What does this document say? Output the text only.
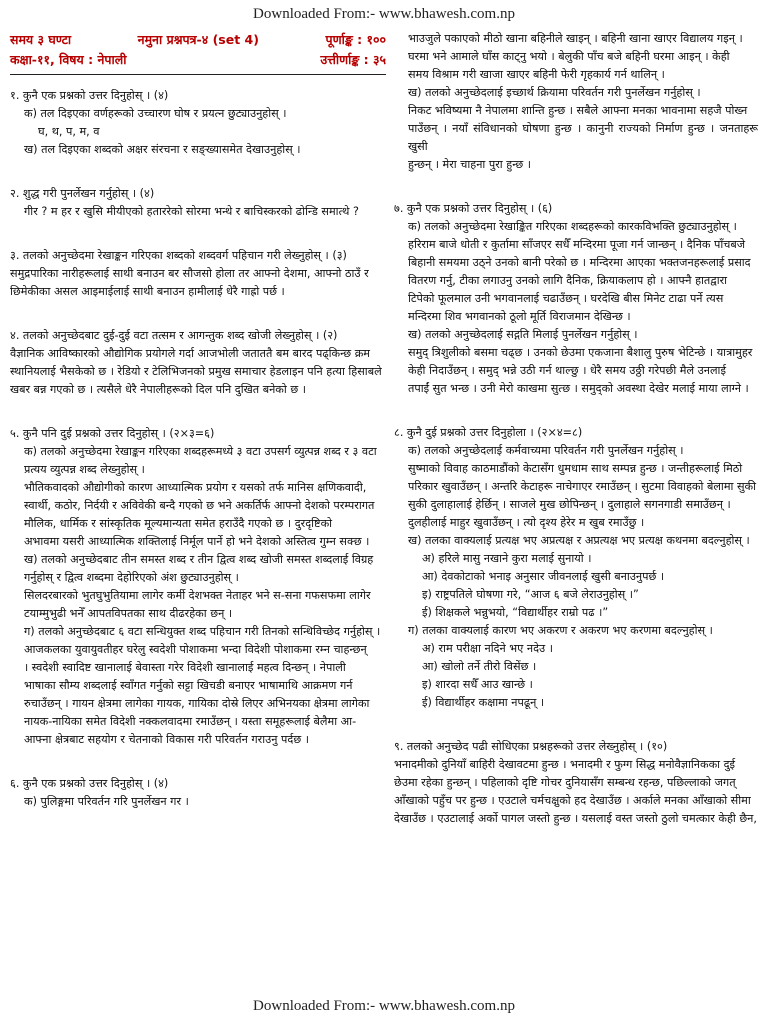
Downloaded From:- www.bhawesh.com.np
समय ३ घण्टा	नमुना प्रश्नपत्र-४ (set 4)	पूर्णाङ्क : १००
कक्षा-११, विषय : नेपाली	उत्तीर्णाङ्क : ३५

१. कुनै एक प्रश्नको उत्तर दिनुहोस् । (४)

क) तल दिइएका वर्णहरूको उच्चारण घोष र प्रयत्न छुट्याउनुहोस् ।

घ, थ, प, म, व

ख) तल दिइएका शब्दको अक्षर संरचना र सङ्ख्यासमेत देखाउनुहोस् ।

२. शुद्ध गरी पुनर्लेखन गर्नुहोस् । (४)

गीर ? म हर र खुसि मीयीएको हताररेको सोरमा भन्थे र बाचिस्करको ढोन्डि समात्थे ?

३. तलको अनुच्छेदमा रेखाङ्कन गरिएका शब्दको शब्दवर्ग पहिचान गरी लेख्नुहोस् । (३)

समुद्रपारिका नारीहरूलाई साथी बनाउन बर सौजसो होला तर आफ्नो देशमा, आफ्नो ठाउँ र

छिमेकीका असल आइमाईलाई साथी बनाउन हामीलाई धेरै गाह्रो पर्छ ।

४. तलको अनुच्छेदबाट दुई-दुई वटा तत्सम र आगन्तुक शब्द खोजी लेख्नुहोस् । (२)

वैज्ञानिक आविष्कारको औद्योगिक प्रयोगले गर्दा आजभोली जताततै बम बारद पढ्किन्छ क्रम

स्थानियलाई भैसकेको छ । रेडियो र टेलिभिजनको प्रमुख समाचार हेडलाइन पनि हत्या हिसाबले

खबर बन्न गएको छ । त्यसैले धेरै नेपालीहरूको दिल पनि दुखित बनेको छ ।

५. कुनै पनि दुई प्रश्नको उत्तर दिनुहोस् । (२×३=६)

क) तलको अनुच्छेदमा रेखाङ्कन गरिएका शब्दहरूमध्ये ३ वटा उपसर्ग व्युत्पन्न शब्द र ३ वटा प्रत्यय व्युत्पन्न शब्द लेख्नुहोस् ।

भौतिकवादको औद्योगीको कारण आध्यात्मिक प्रयोग र यसको तर्फ मानिस क्षणिकवादी,

स्वार्थी, कठोर, निर्दयी र अविवेकी बन्दै गएको छ भने अकर्तिर्फ आफ्नो देशको परम्परागत

मौलिक, धार्मिक र सांस्कृतिक मूल्यमान्यता समेत हराउँदै गएको छ । दुरदृष्टिको

अभावमा यसरी आध्यात्मिक शक्तिलाई निर्मूल पार्ने हो भने देशको अस्तित्व गुम्न सक्छ ।

ख) तलको अनुच्छेदबाट तीन समस्त शब्द र तीन द्वित्व शब्द खोजी समस्त शब्दलाई विग्रह गर्नुहोस् र द्वित्व शब्दमा देहोरिएको अंश छुट्याउनुहोस् ।

सिलदरबारको भुतघुभुतियामा लागेर कर्मी देशभक्त नेताहर भने स-सना गफसफमा लागेर

टयाम्मुभुढी भनेँ आपतविपतका साथ दीढरहेका छन् ।

ग) तलको अनुच्छेदबाट ६ वटा सन्धियुक्त शब्द पहिचान गरी तिनको सन्धिविच्छेद गर्नुहोस् ।

आजकलका युवायुवतीहर घरेलु स्वदेशी पोशाकमा भन्दा विदेशी पोशाकमा रम्न चाहन्छन्

। स्वदेशी स्वादिष्ट खानालाई बेवास्ता गरेर विदेशी खानालाई महत्व दिन्छन् । नेपाली

भाषाका सौम्य शब्दलाई स्वाँगत गर्नुको सट्टा खिचडी बनाएर भाषामाथि आक्रमण गर्न

रुचाउँछन् । गायन क्षेत्रमा लागेका गायक, गायिका दोस्रे लिएर अभिनयका क्षेत्रमा लागेका

नायक-नायिका समेत विदेशी नक्कलवादमा रमाउँछन् । यस्ता समूहरूलाई बेलैमा आ-

आफ्ना क्षेत्रबाट सहयोग र चेतनाको विकास गरी परिवर्तन गराउनु पर्दछ ।

६. कुनै एक प्रश्नको उत्तर दिनुहोस् । (४)

क) पुलिङ्गमा परिवर्तन गरि पुनर्लेखन गर ।

भाउजुले पकाएको मीठो खाना बहिनीले खाइन् । बहिनी खाना खाएर विद्यालय गइन् ।

घरमा भने आमाले घाँस काट्नु भयो । बेलुकी पाँच बजे बहिनी घरमा आइन् । केही

समय विश्राम गरी खाजा खाएर बहिनी फेरी गृहकार्य गर्न थालिन् ।

ख) तलको अनुच्छेदलाई इच्छार्थ क्रियामा परिवर्तन गरी पुनर्लेखन गर्नुहोस् ।

निकट भविष्यमा नै नेपालमा शान्ति हुन्छ । सबैले आफ्ना मनका भावनामा सहजै पोख्न

पाउँछन् । नयाँ संविधानको घोषणा हुन्छ । कानुनी राज्यको निर्माण हुन्छ । जनताहरू खुसी

हुन्छन् । मेरा चाहना पुरा हुन्छ ।

७. कुनै एक प्रश्नको उत्तर दिनुहोस् । (६)

क) तलको अनुच्छेदमा रेखाङ्कित गरिएका शब्दहरूको कारकविभक्ति छुट्याउनुहोस् ।

हरिराम बाजे धोती र कुर्तामा साँजएर सधैँ मन्दिरमा पूजा गर्न जान्छन् । दैनिक पाँचबजे

बिहानी समयमा उठ्ने उनको बानी परेको छ । मन्दिरमा आएका भक्तजनहरूलाई प्रसाद

वितरण गर्नु, टीका लगाउनु उनको लागि दैनिक, क्रियाकलाप हो । आफ्नै हातद्वारा

टिपेको फूलमाल उनी भगवानलाई चढाउँछन् । घरदेखि बीस मिनेट टाढा पर्ने त्यस

मन्दिरमा शिव भगवानको ठूलो मूर्ति विराजमान देखिन्छ ।

ख) तलको अनुच्छेदलाई सद्गति मिलाई पुनर्लेखन गर्नुहोस् ।

समुद् त्रिशुलीको बसमा चढ्छ । उनको छेउमा एकजाना बैशालु पुरुष भेटिन्छे । यात्रामुहर

केही निदाउँछन् । समुद् भन्ने उठी गर्न थाल्छु । धेरै समय उठ्ठी गरेपछी मैले उनलाई

तपाईं सुत भन्छ । उनी मेरो काखमा सुत्छ । समुद्को अवस्था देखेर मलाई माया लाग्ने ।

८. कुनै दुई प्रश्नको उत्तर दिनुहोला । (२×४=८)

क) तलको अनुच्छेदलाई कर्मवाच्यमा परिवर्तन गरी पुनर्लेखन गर्नुहोस् ।

सुष्माको विवाह काठमाडौंको केटासँग धुमधाम साथ सम्पन्न हुन्छ । जन्तीहरूलाई मिठो

परिकार खुवाउँछन् । अन्तरि केटाहरू नाचेगाएर रमाउँछन् । सुटमा विवाहको बेलामा सुकी

सुकी दुलाहालाई हेर्छिन् । साजले मुख छोपिन्छन् । दुलाहाले सगनगाडी समाउँछन् ।

दुलहीलाई माहुर खुवाउँछन् । त्यो दृश्य हेरेर म खुब रमाउँछु ।

ख) तलका वाक्यलाई प्रत्यक्ष भए अप्रत्यक्ष र अप्रत्यक्ष भए प्रत्यक्ष कथनमा बदल्नुहोस् ।

अ) हरिले मासु नखाने कुरा मलाई सुनायो ।

आ) देवकोटाको भनाइ अनुसार जीवनलाई खुसी बनाउनुपर्छ ।

इ) राष्ट्रपतिले घोषणा गरे, “आज ६ बजे लेराउनुहोस् ।”

ई) शिक्षकले भन्नुभयो, “विद्यार्थीहर राम्रो पढ ।”

ग) तलका वाक्यलाई कारण भए अकरण र अकरण भए करणमा बदल्नुहोस् ।

अ) राम परीक्षा नदिने भए नदेउ ।

आ) खोलो तर्ने तीरो विसेंछ ।

इ) शारदा सधैँ आउ खान्छे ।

ई) विद्यार्थीहर कक्षामा नपढून् ।

९. तलको अनुच्छेद पढी सोधिएका प्रश्नहरूको उत्तर लेख्नुहोस् । (१०)

भनादमीको दुनियाँ बाहिरी देखावटमा हुन्छ । भनादमी र फुग्ग सिद्ध मनोवैज्ञानिकका दुई

छेउमा रहेका हुन्छन् । पहिलाको दृष्टि गोचर दुनियासँग सम्बन्ध रहन्छ, पछिल्लाको जगत्

आँखाको पहुँच पर हुन्छ । एउटाले चर्मचक्षुको हद देखाउँछ । अर्काले मनका आँखाको सीमा

देखाउँछ । एउटालाई अर्को पागल जस्तो हुन्छ । यसलाई वस्त जस्तो ठुलो चमत्कार केही छैन,

Downloaded From:- www.bhawesh.com.np
